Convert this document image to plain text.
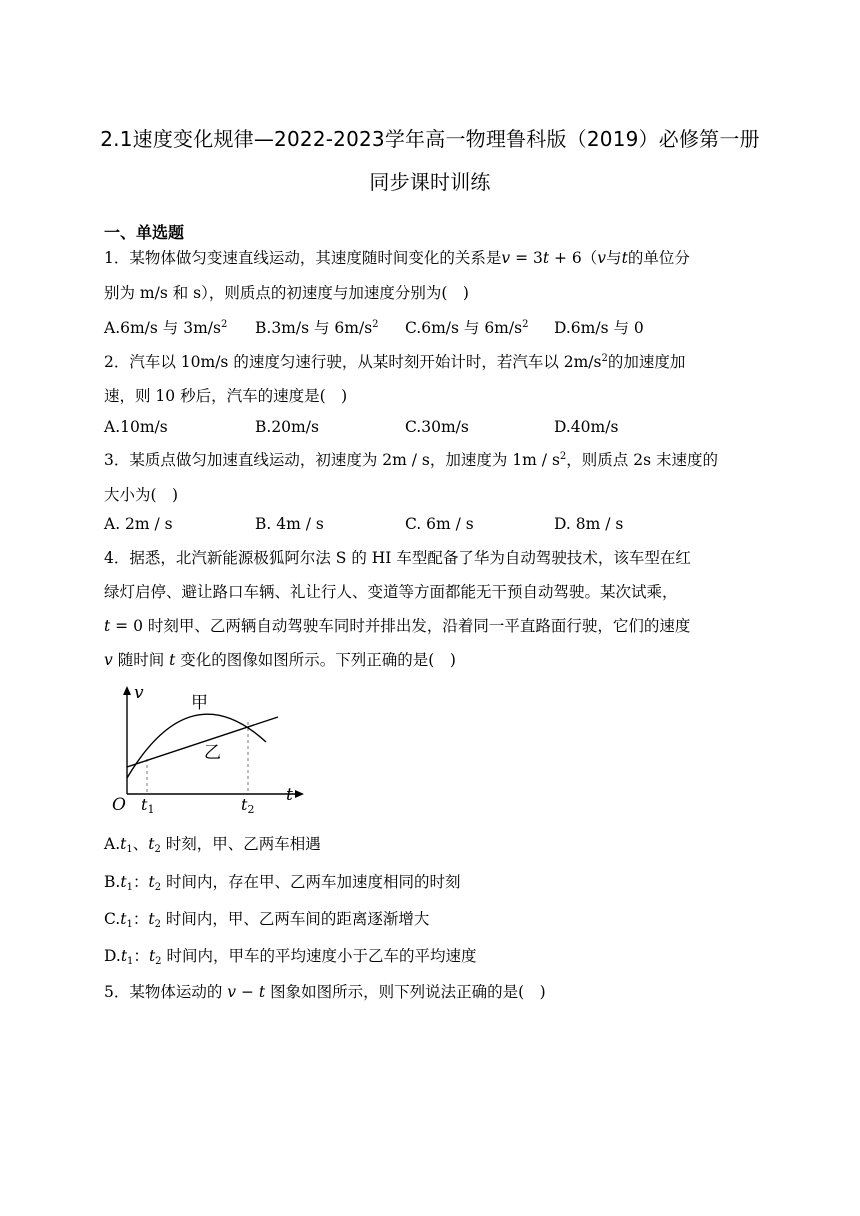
2.1速度变化规律—2022-2023学年高一物理鲁科版（2019）必修第一册
同步课时训练
一、单选题
1．某物体做匀变速直线运动，其速度随时间变化的关系是v = 3t + 6（v与t的单位分
别为 m/s 和 s），则质点的初速度与加速度分别为(　)
A.6m/s 与 $3m/s^2$ B.3m/s 与 $6m/s^2$ C.6m/s 与 $6m/s^2$ D.6m/s 与 0
2．汽车以 10m/s 的速度匀速行驶，从某时刻开始计时，若汽车以 $2m/s^2$的加速度加
速，则 10 秒后，汽车的速度是(　)
A.10m/s	B.20m/s	C.30m/s	D.40m/s
3．某质点做匀加速直线运动，初速度为 2m / s，加速度为 $1m / s^2$，则质点 2s 末速度的
大小为(　)
A. 2m / s	B. 4m / s	C. 6m / s	D. 8m / s
4．据悉，北汽新能源极狐阿尔法 S 的 HI 车型配备了华为自动驾驶技术，该车型在红
绿灯启停、避让路口车辆、礼让行人、变道等方面都能无干预自动驾驶。某次试乘，
t = 0 时刻甲、乙两辆自动驾驶车同时并排出发，沿着同一平直路面行驶，它们的速度
v 随时间 t 变化的图像如图所示。下列正确的是(　)
v
t
O t1	t2
甲
乙
$A.t_1$、$t_2$ 时刻，甲、乙两车相遇
$B.t_1$：$t_2$ 时间内，存在甲、乙两车加速度相同的时刻
$C.t_1$：$t_2$ 时间内，甲、乙两车间的距离逐渐增大
$D.t_1$：$t_2$ 时间内，甲车的平均速度小于乙车的平均速度
5．某物体运动的 v − t 图象如图所示，则下列说法正确的是(　)
